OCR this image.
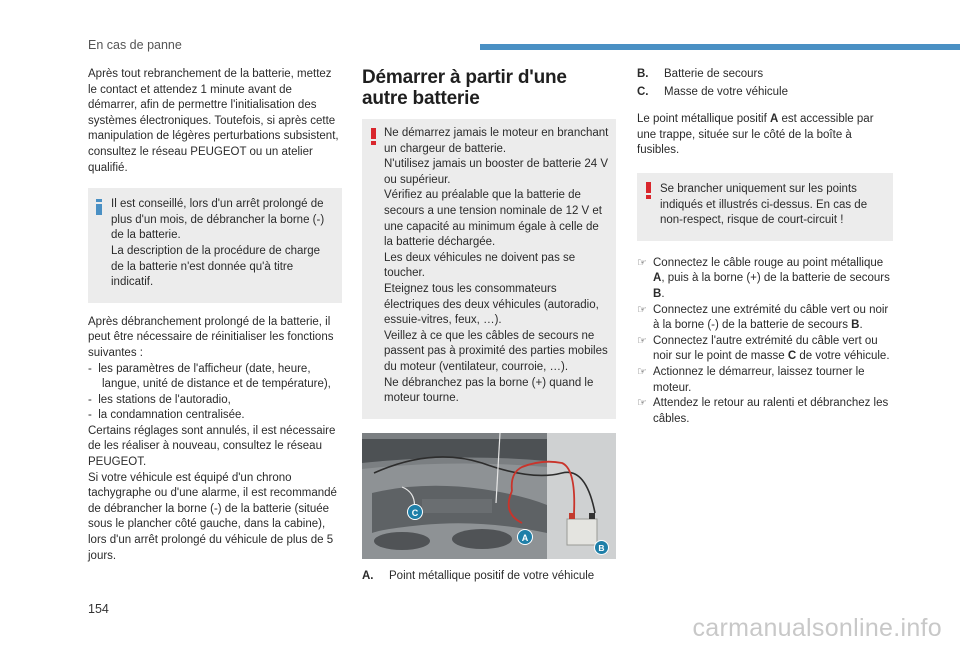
En cas de panne

Après tout rebranchement de la batterie, mettez le contact et attendez 1 minute avant de démarrer, afin de permettre l'initialisation des systèmes électroniques. Toutefois, si après cette manipulation de légères perturbations subsistent, consultez le réseau PEUGEOT ou un atelier qualifié.

Il est conseillé, lors d'un arrêt prolongé de plus d'un mois, de débrancher la borne (-) de la batterie.

La description de la procédure de charge de la batterie n'est donnée qu'à titre indicatif.

Après débranchement prolongé de la batterie, il peut être nécessaire de réinitialiser les fonctions suivantes :

-  les paramètres de l'afficheur (date, heure, langue, unité de distance et de température),

-  les stations de l'autoradio,

-  la condamnation centralisée.

Certains réglages sont annulés, il est nécessaire de les réaliser à nouveau, consultez le réseau PEUGEOT.

Si votre véhicule est équipé d'un chrono tachygraphe ou d'une alarme, il est recommandé de débrancher la borne (-) de la batterie (située sous le plancher côté gauche, dans la cabine), lors d'un arrêt prolongé du véhicule de plus de 5 jours.

Démarrer à partir d'une
autre batterie

Ne démarrez jamais le moteur en branchant un chargeur de batterie.

N'utilisez jamais un booster de batterie 24 V ou supérieur.

Vérifiez au préalable que la batterie de secours a une tension nominale de 12 V et une capacité au minimum égale à celle de la batterie déchargée.

Les deux véhicules ne doivent pas se toucher.

Eteignez tous les consommateurs électriques des deux véhicules (autoradio, essuie-vitres, feux, …).

Veillez à ce que les câbles de secours ne passent pas à proximité des parties mobiles du moteur (ventilateur, courroie, …).

Ne débranchez pas la borne (+) quand le moteur tourne.

C
A
B

A. Point métallique positif de votre véhicule

B. Batterie de secours

C. Masse de votre véhicule

Le point métallique positif A est accessible par une trappe, située sur le côté de la boîte à fusibles.

Se brancher uniquement sur les points indiqués et illustrés ci-dessus. En cas de non-respect, risque de court-circuit !

☞ Connectez le câble rouge au point métallique A, puis à la borne (+) de la batterie de secours B.

☞ Connectez une extrémité du câble vert ou noir à la borne (-) de la batterie de secours B.

☞ Connectez l'autre extrémité du câble vert ou noir sur le point de masse C de votre véhicule.

☞ Actionnez le démarreur, laissez tourner le moteur.

☞ Attendez le retour au ralenti et débranchez les câbles.

154
carmanualsonline.info
